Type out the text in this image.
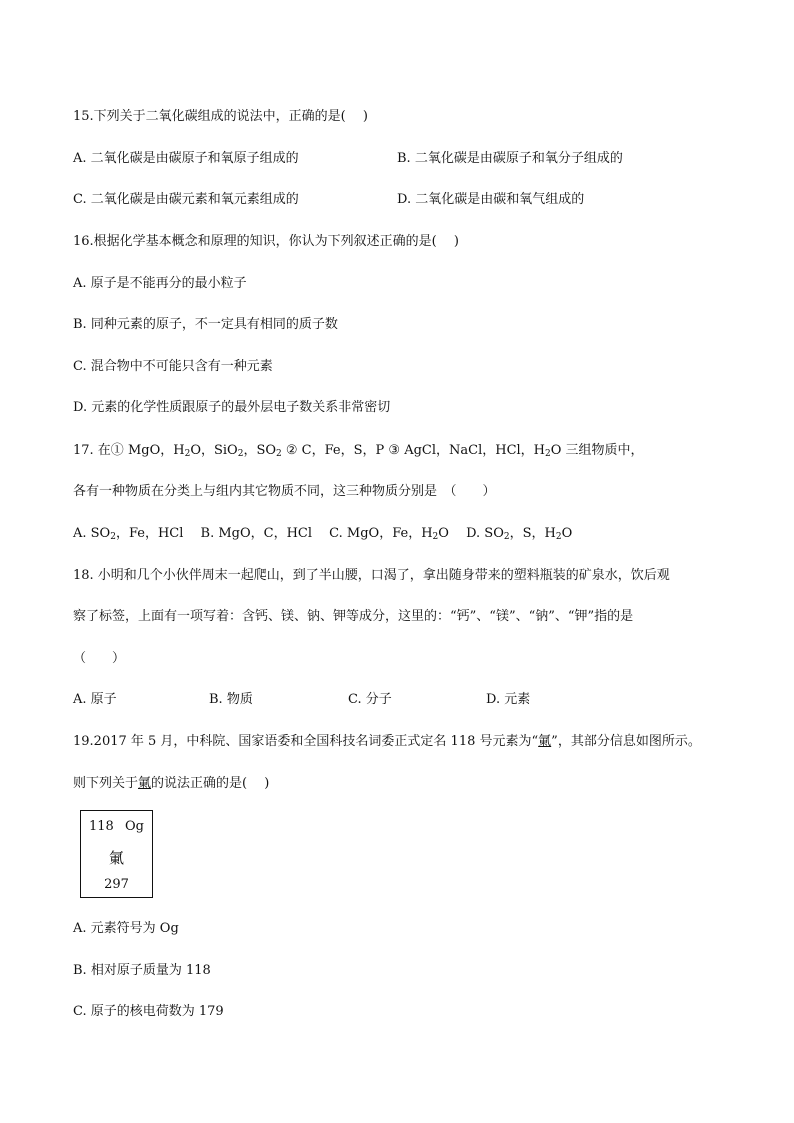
15.下列关于二氧化碳组成的说法中，正确的是(　 )
A. 二氧化碳是由碳原子和氧原子组成的	B. 二氧化碳是由碳原子和氧分子组成的
C. 二氧化碳是由碳元素和氧元素组成的	D. 二氧化碳是由碳和氧气组成的
16.根据化学基本概念和原理的知识，你认为下列叙述正确的是(　 )
A. 原子是不能再分的最小粒子
B. 同种元素的原子，不一定具有相同的质子数
C. 混合物中不可能只含有一种元素
D. 元素的化学性质跟原子的最外层电子数关系非常密切
17. 在① MgO，$H_2O$，SiO$_2$，$SO_2$ ② C，Fe，S，P ③ AgCl，NaCl，HCl，$H_2O$ 三组物质中，
各有一种物质在分类上与组内其它物质不同，这三种物质分别是　（　　）
A. $SO_2$，Fe，HCl　 B. MgO，C，HCl　 C. MgO，Fe，$H_2O$　 D. $SO_2$，S，$H_2O$
18. 小明和几个小伙伴周末一起爬山，到了半山腰，口渴了，拿出随身带来的塑料瓶装的矿泉水，饮后观
察了标签，上面有一项写着：含钙、镁、钠、钾等成分，这里的：“钙”、“镁”、“钠”、“钾”指的是
（　　）
A. 原子	B. 物质	C. 分子	D. 元素
19.2017 年 5 月，中科院、国家语委和全国科技名词委正式定名 118 号元素为“氭”，其部分信息如图所示。
则下列关于氭的说法正确的是(　 )
118 Og
氭
297
A. 元素符号为 Og
B. 相对原子质量为 118
C. 原子的核电荷数为 179
